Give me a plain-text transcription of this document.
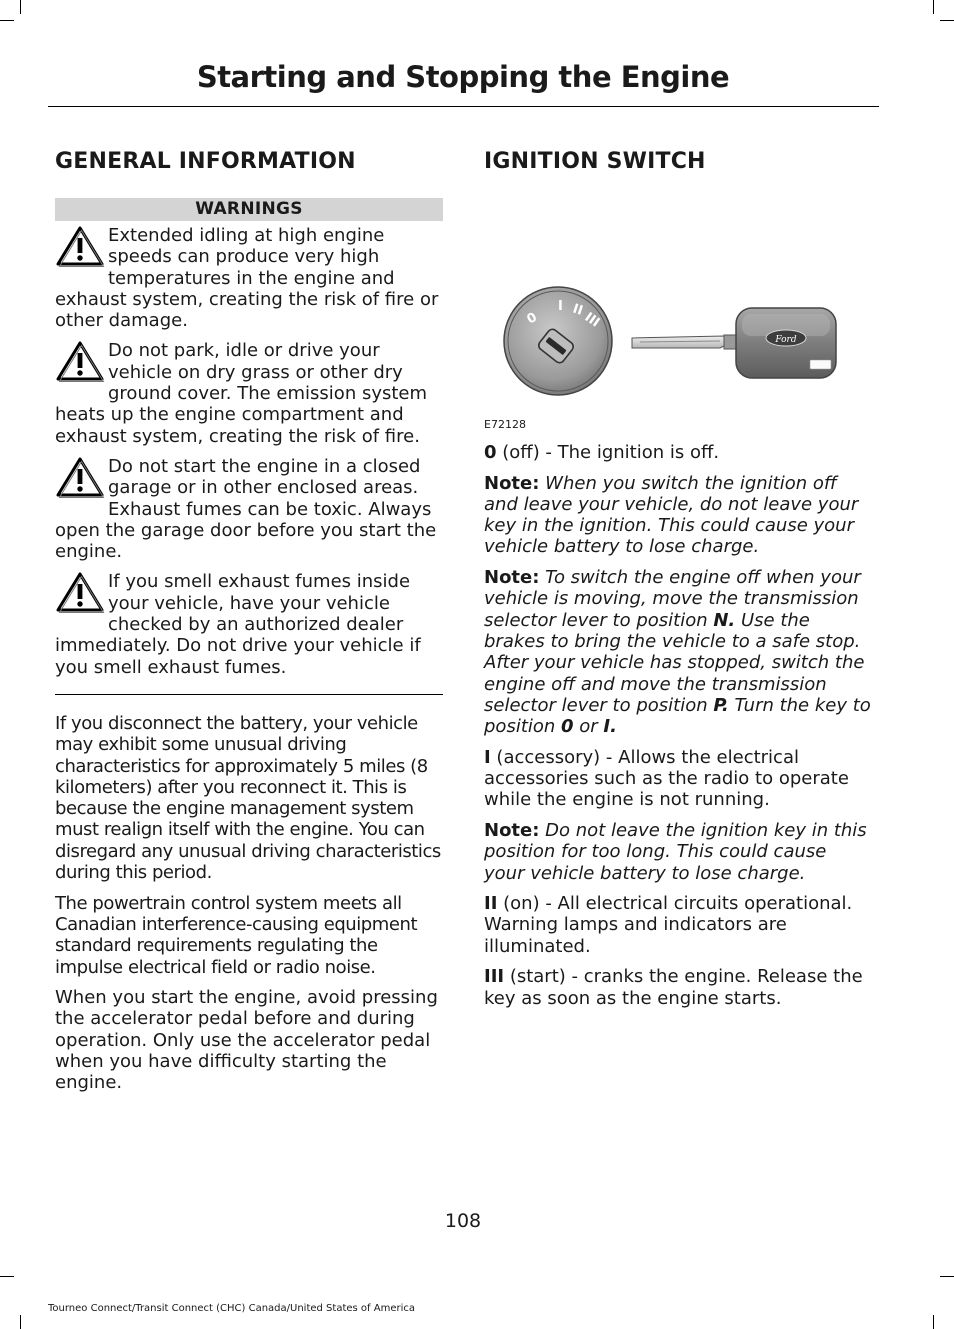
Starting and Stopping the Engine
GENERAL INFORMATION
WARNINGS
Extended idling at high engine speeds can produce very high temperatures in the engine and exhaust system, creating the risk of fire or other damage.
Do not park, idle or drive your vehicle on dry grass or other dry ground cover. The emission system heats up the engine compartment and exhaust system, creating the risk of fire.
Do not start the engine in a closed garage or in other enclosed areas. Exhaust fumes can be toxic. Always open the garage door before you start the engine.
If you smell exhaust fumes inside your vehicle, have your vehicle checked by an authorized dealer immediately. Do not drive your vehicle if you smell exhaust fumes.

If you disconnect the battery, your vehicle may exhibit some unusual driving characteristics for approximately 5 miles (8 kilometers) after you reconnect it. This is because the engine management system must realign itself with the engine. You can disregard any unusual driving characteristics during this period.

The powertrain control system meets all Canadian interference-causing equipment standard requirements regulating the impulse electrical field or radio noise.

When you start the engine, avoid pressing the accelerator pedal before and during operation. Only use the accelerator pedal when you have difficulty starting the engine.

IGNITION SWITCH
0
I II
III
Ford
E72128

0 (off) - The ignition is off.

Note: When you switch the ignition off and leave your vehicle, do not leave your key in the ignition. This could cause your vehicle battery to lose charge.

Note: To switch the engine off when your vehicle is moving, move the transmission selector lever to position N. Use the brakes to bring the vehicle to a safe stop. After your vehicle has stopped, switch the engine off and move the transmission selector lever to position P. Turn the key to position 0 or I.

I (accessory) - Allows the electrical accessories such as the radio to operate while the engine is not running.

Note: Do not leave the ignition key in this position for too long. This could cause your vehicle battery to lose charge.

II (on) - All electrical circuits operational. Warning lamps and indicators are illuminated.

III (start) - cranks the engine. Release the key as soon as the engine starts.

108
Tourneo Connect/Transit Connect (CHC) Canada/United States of America
